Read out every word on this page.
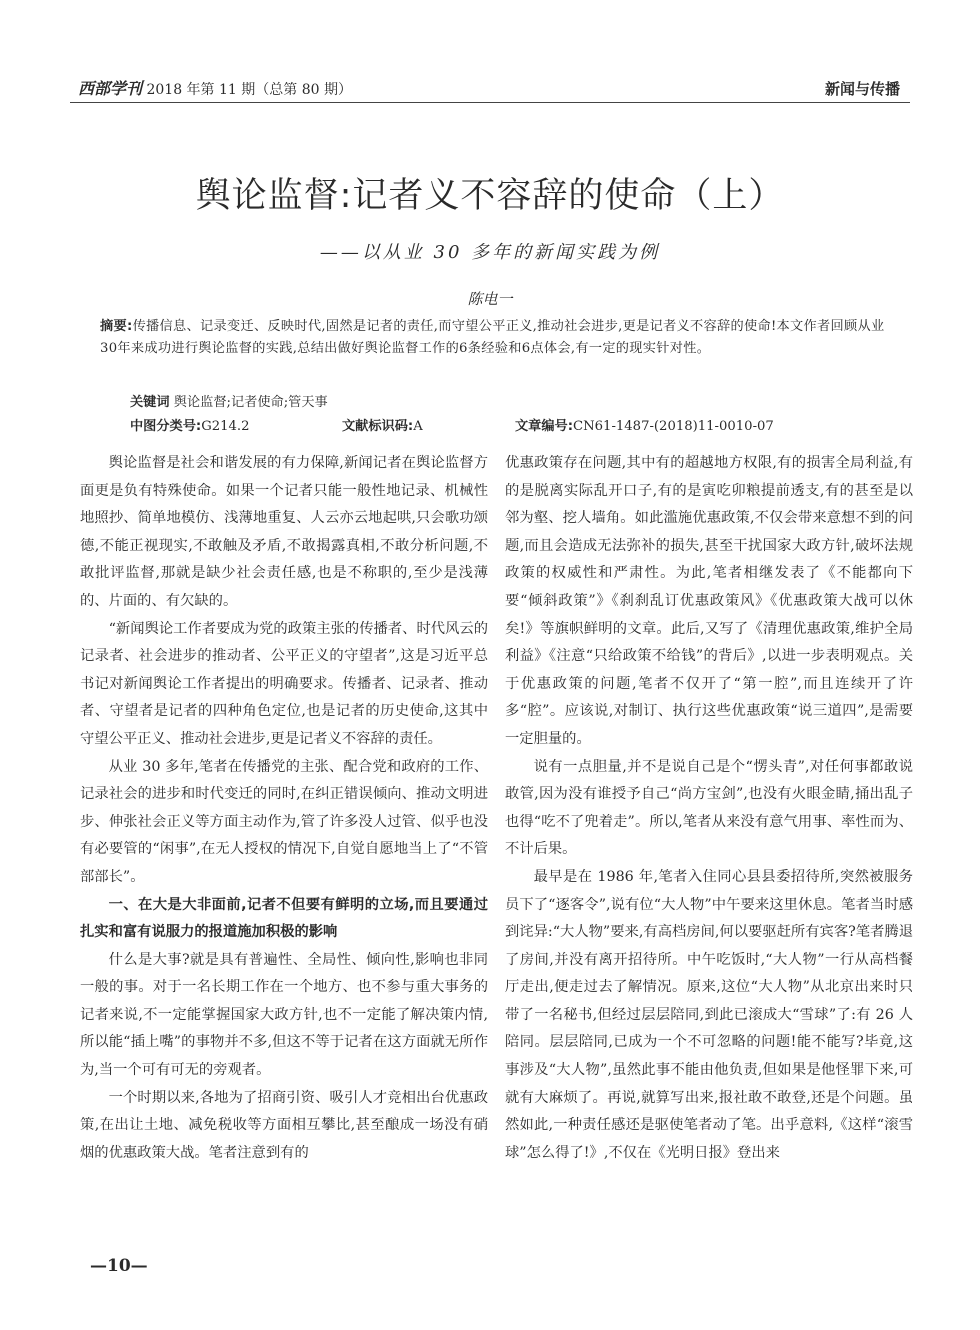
西部学刊 2018 年第 11 期（总第 80 期）	新闻与传播
舆论监督:记者义不容辞的使命（上）
——以从业 30 多年的新闻实践为例
陈电一
摘要:传播信息、记录变迁、反映时代,固然是记者的责任,而守望公平正义,推动社会进步,更是记者义不容辞的使命!本文作者回顾从业30年来成功进行舆论监督的实践,总结出做好舆论监督工作的6条经验和6点体会,有一定的现实针对性。
关键词 舆论监督;记者使命;管天事
中图分类号:G214.2	文献标识码:A	文章编号:CN61-1487-(2018)11-0010-07

舆论监督是社会和谐发展的有力保障,新闻记者在舆论监督方面更是负有特殊使命。如果一个记者只能一般性地记录、机械性地照抄、简单地模仿、浅薄地重复、人云亦云地起哄,只会歌功颂德,不能正视现实,不敢触及矛盾,不敢揭露真相,不敢分析问题,不敢批评监督,那就是缺少社会责任感,也是不称职的,至少是浅薄的、片面的、有欠缺的。

“新闻舆论工作者要成为党的政策主张的传播者、时代风云的记录者、社会进步的推动者、公平正义的守望者”,这是习近平总书记对新闻舆论工作者提出的明确要求。传播者、记录者、推动者、守望者是记者的四种角色定位,也是记者的历史使命,这其中守望公平正义、推动社会进步,更是记者义不容辞的责任。

从业 30 多年,笔者在传播党的主张、配合党和政府的工作、记录社会的进步和时代变迁的同时,在纠正错误倾向、推动文明进步、伸张社会正义等方面主动作为,管了许多没人过管、似乎也没有必要管的“闲事”,在无人授权的情况下,自觉自愿地当上了“不管部部长”。

一、在大是大非面前,记者不但要有鲜明的立场,而且要通过扎实和富有说服力的报道施加积极的影响

什么是大事?就是具有普遍性、全局性、倾向性,影响也非同一般的事。对于一名长期工作在一个地方、也不参与重大事务的记者来说,不一定能掌握国家大政方针,也不一定能了解决策内情,所以能“插上嘴”的事物并不多,但这不等于记者在这方面就无所作为,当一个可有可无的旁观者。

一个时期以来,各地为了招商引资、吸引人才竞相出台优惠政策,在出让土地、减免税收等方面相互攀比,甚至酿成一场没有硝烟的优惠政策大战。笔者注意到有的

优惠政策存在问题,其中有的超越地方权限,有的损害全局利益,有的是脱离实际乱开口子,有的是寅吃卯粮提前透支,有的甚至是以邻为壑、挖人墙角。如此滥施优惠政策,不仅会带来意想不到的问题,而且会造成无法弥补的损失,甚至干扰国家大政方针,破坏法规政策的权威性和严肃性。为此,笔者相继发表了《不能都向下要“倾斜政策”》《刹刹乱订优惠政策风》《优惠政策大战可以休矣!》等旗帜鲜明的文章。此后,又写了《清理优惠政策,维护全局利益》《注意“只给政策不给钱”的背后》,以进一步表明观点。关于优惠政策的问题,笔者不仅开了“第一腔”,而且连续开了许多“腔”。应该说,对制订、执行这些优惠政策“说三道四”,是需要一定胆量的。

说有一点胆量,并不是说自己是个“愣头青”,对任何事都敢说敢管,因为没有谁授予自己“尚方宝剑”,也没有火眼金睛,捅出乱子也得“吃不了兜着走”。所以,笔者从来没有意气用事、率性而为、不计后果。

最早是在 1986 年,笔者入住同心县县委招待所,突然被服务员下了“逐客令”,说有位“大人物”中午要来这里休息。笔者当时感到诧异:“大人物”要来,有高档房间,何以要驱赶所有宾客?笔者腾退了房间,并没有离开招待所。中午吃饭时,“大人物”一行从高档餐厅走出,便走过去了解情况。原来,这位“大人物”从北京出来时只带了一名秘书,但经过层层陪同,到此已滚成大“雪球”了:有 26 人陪同。层层陪同,已成为一个不可忽略的问题!能不能写?毕竟,这事涉及“大人物”,虽然此事不能由他负责,但如果是他怪罪下来,可就有大麻烦了。再说,就算写出来,报社敢不敢登,还是个问题。虽然如此,一种责任感还是驱使笔者动了笔。出乎意料,《这样“滚雪球”怎么得了!》,不仅在《光明日报》登出来

—10—
